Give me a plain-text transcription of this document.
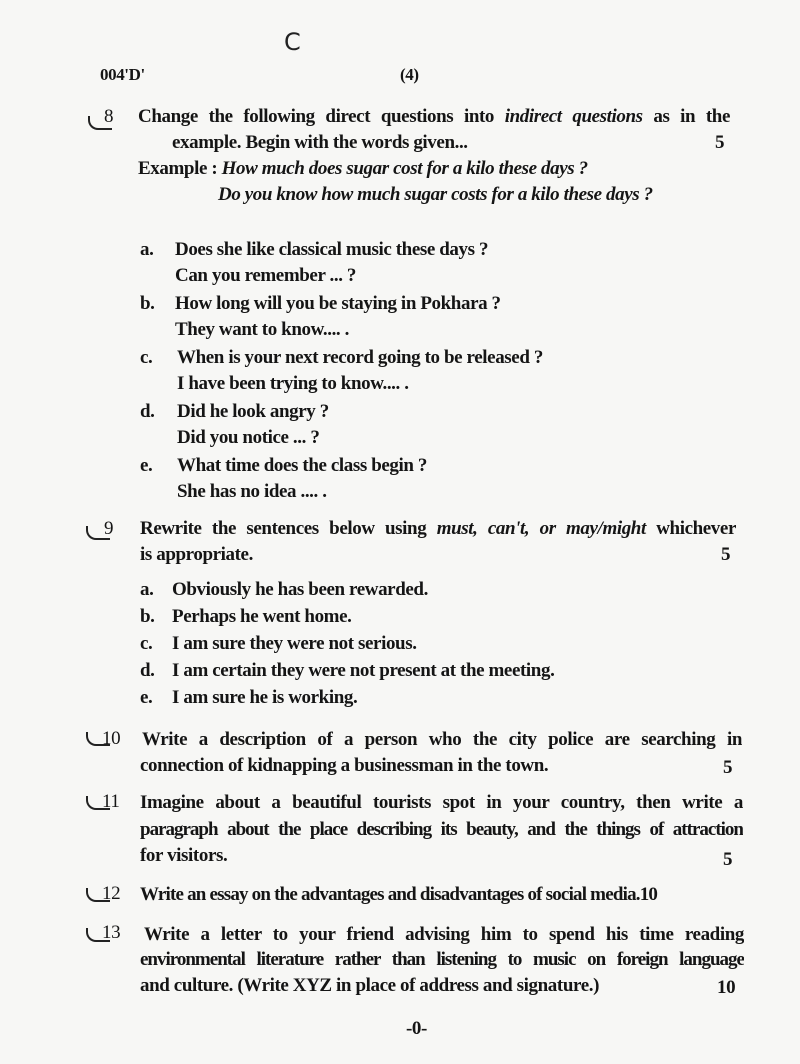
C
004'D'	(4)
8 Change the following direct questions into indirect questions as in the
example. Begin with the words given...	5
Example : How much does sugar cost for a kilo these days ?
Do you know how much sugar costs for a kilo these days ?
a. Does she like classical music these days ?
Can you remember ... ?
b. How long will you be staying in Pokhara ?
They want to know.... .
c. When is your next record going to be released ?
I have been trying to know.... .
d. Did he look angry ?
Did you notice ... ?
e. What time does the class begin ?
She has no idea .... .
9 Rewrite the sentences below using must, can't, or may/might whichever
is appropriate.	5
a. Obviously he has been rewarded.
b. Perhaps he went home.
c. I am sure they were not serious.
d. I am certain they were not present at the meeting.
e. I am sure he is working.
10 Write a description of a person who the city police are searching in
connection of kidnapping a businessman in the town.	5
11 Imagine about a beautiful tourists spot in your country, then write a
paragraph about the place describing its beauty, and the things of attraction
for visitors.	5
12 Write an essay on the advantages and disadvantages of social media.10
13 Write a letter to your friend advising him to spend his time reading
environmental literature rather than listening to music on foreign language
and culture. (Write XYZ in place of address and signature.)	10
-0-
